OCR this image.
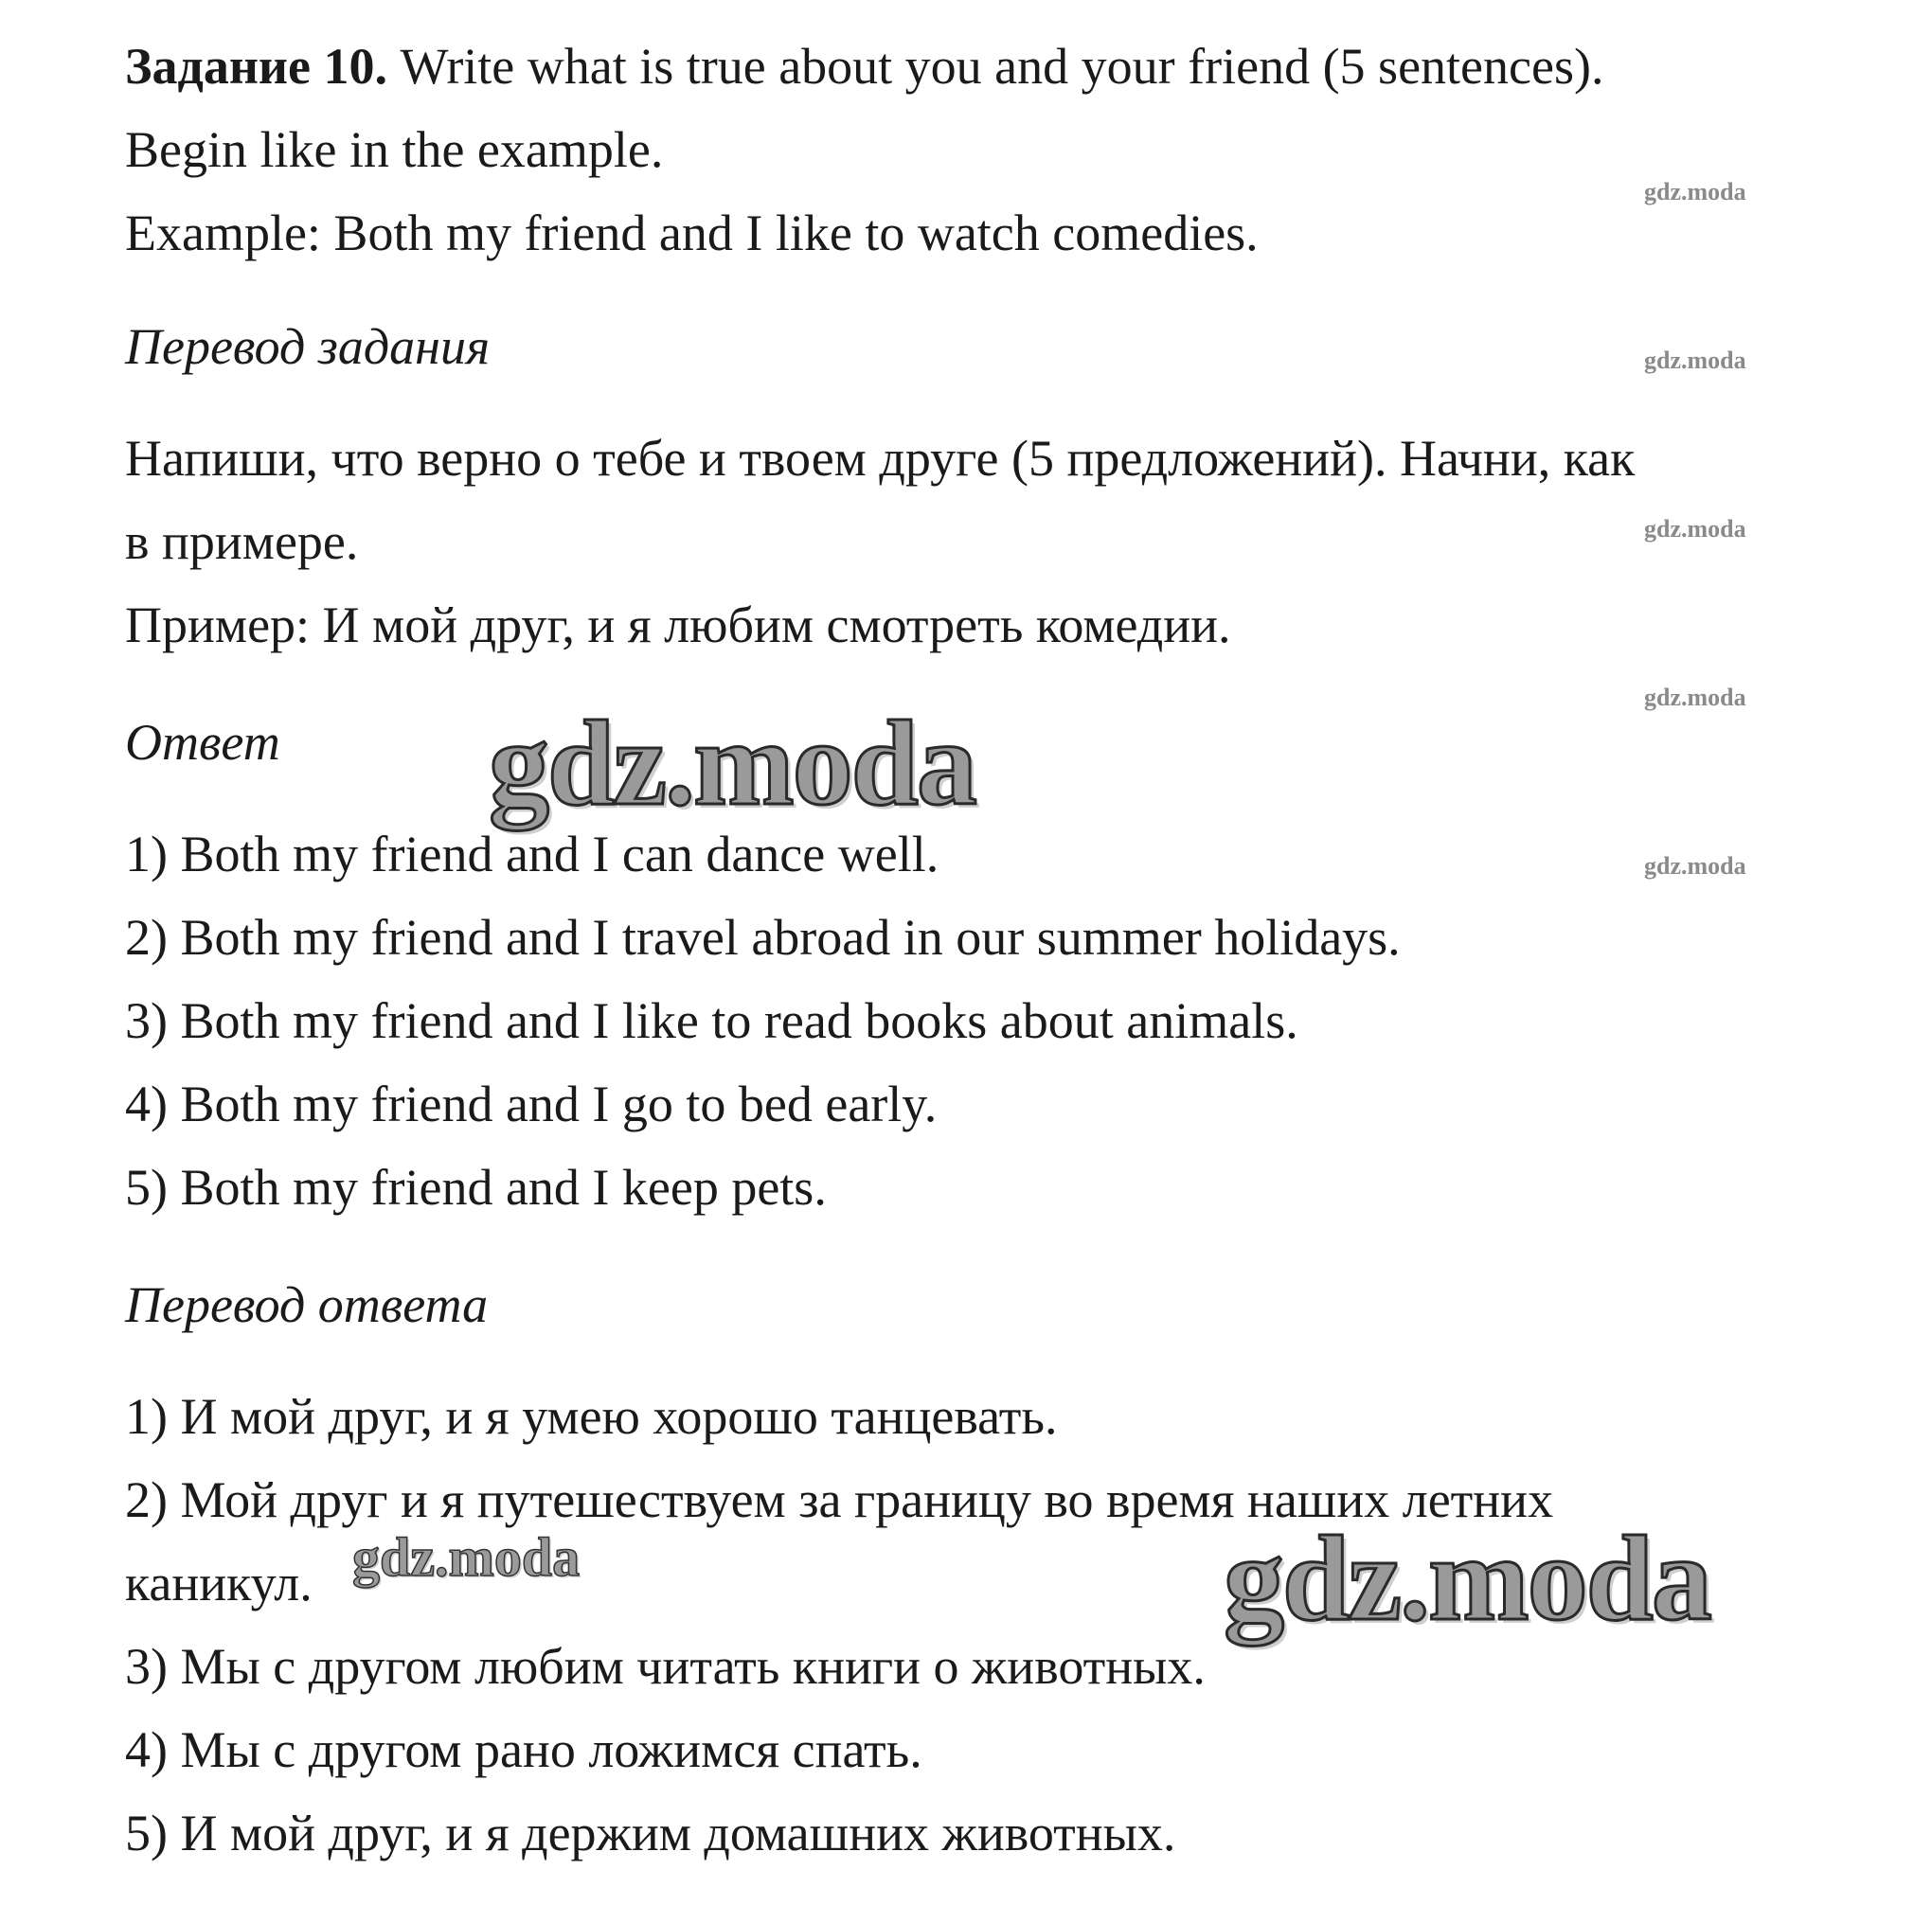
Задание 10. Write what is true about you and your friend (5 sentences).
Begin like in the example.
Example: Both my friend and I like to watch comedies.
Перевод задания
Напиши, что верно о тебе и твоем друге (5 предложений). Начни, как
в примере.
Пример: И мой друг, и я любим смотреть комедии.
Ответ
1) Both my friend and I can dance well.
2) Both my friend and I travel abroad in our summer holidays.
3) Both my friend and I like to read books about animals.
4) Both my friend and I go to bed early.
5) Both my friend and I keep pets.
Перевод ответа
1) И мой друг, и я умею хорошо танцевать.
2) Мой друг и я путешествуем за границу во время наших летних
каникул.
3) Мы с другом любим читать книги о животных.
4) Мы с другом рано ложимся спать.
5) И мой друг, и я держим домашних животных.
gdz.moda
gdz.moda
gdz.moda
gdz.moda
gdz.moda
gdz.moda
gdz.moda	gdz.moda
